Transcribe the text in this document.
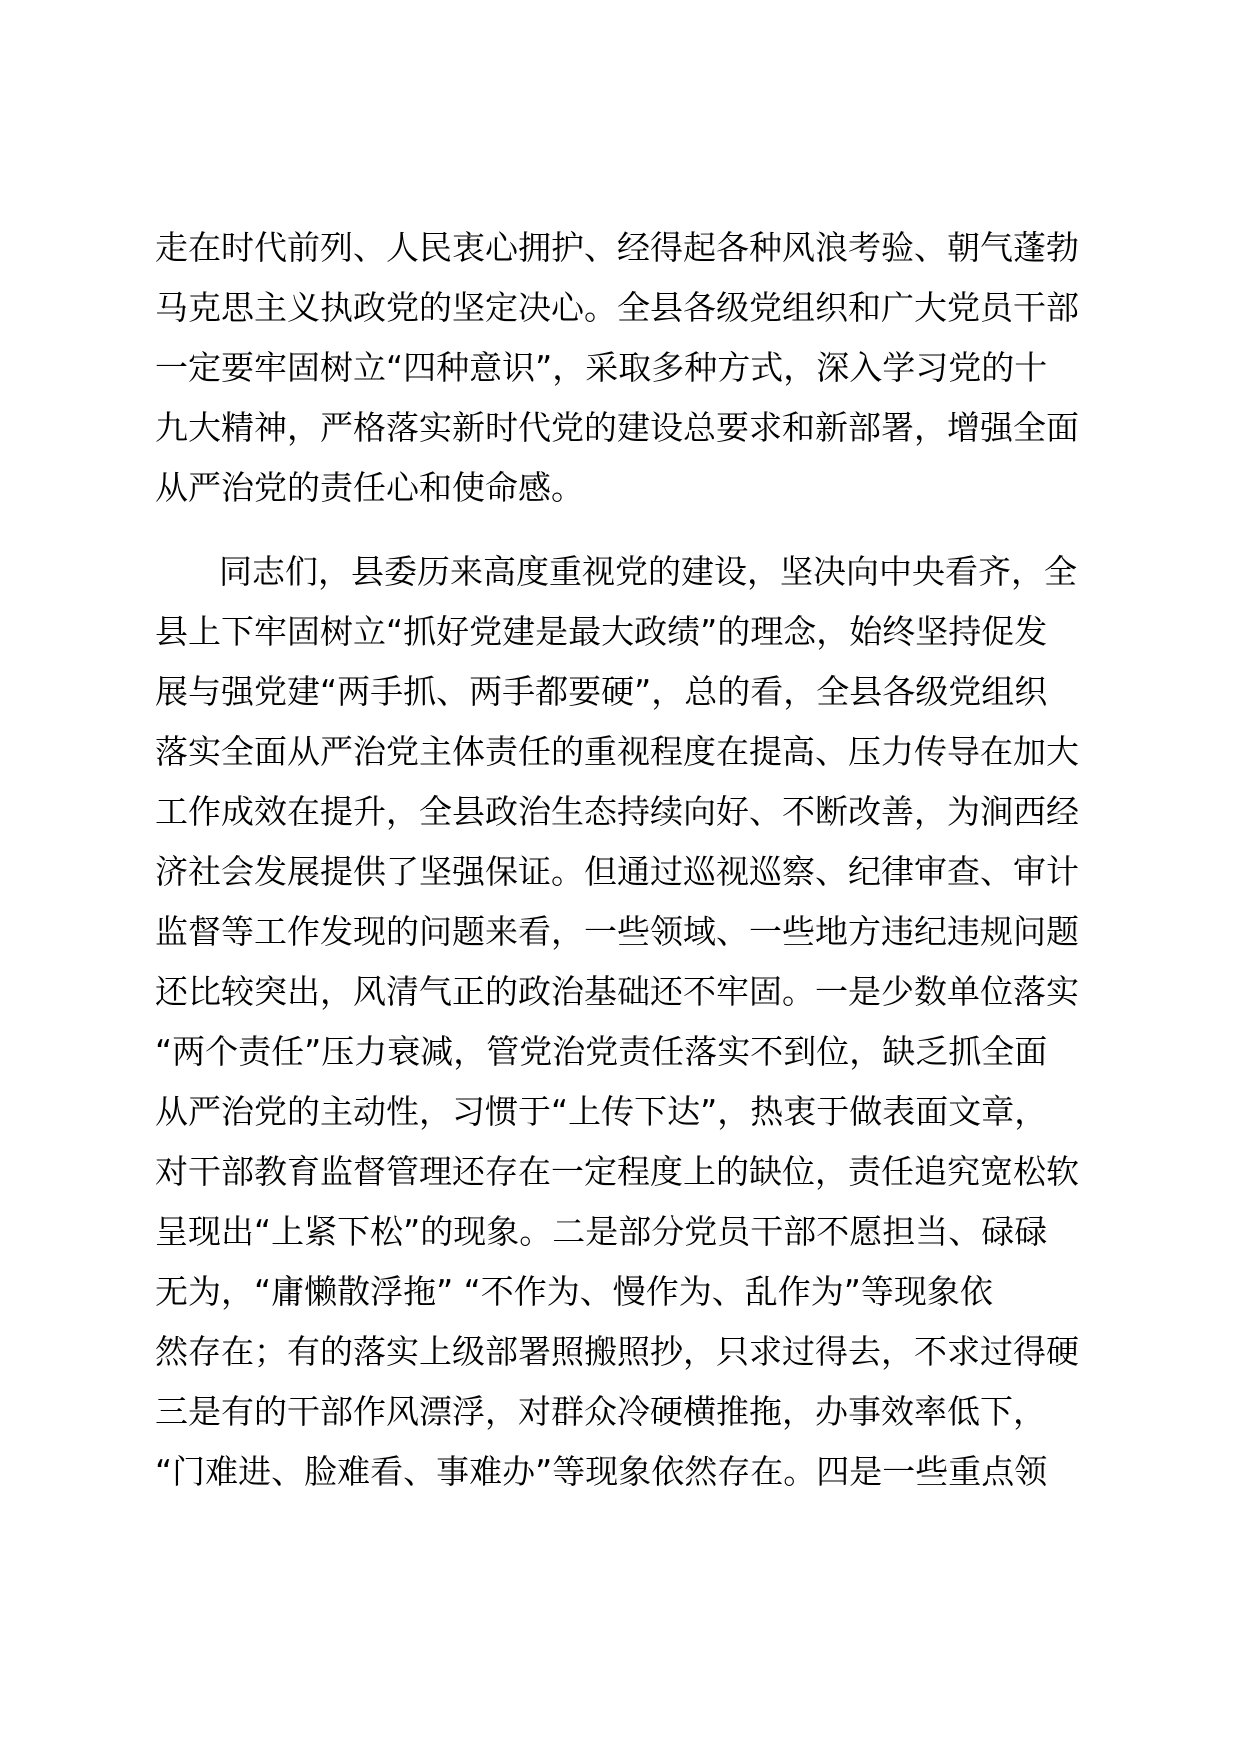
走在时代前列、人民衷心拥护、经得起各种风浪考验、朝气蓬勃
马克思主义执政党的坚定决心。全县各级党组织和广大党员干部
一定要牢固树立“四种意识”，采取多种方式，深入学习党的十
九大精神，严格落实新时代党的建设总要求和新部署，增强全面
从严治党的责任心和使命感。
同志们，县委历来高度重视党的建设，坚决向中央看齐，全
县上下牢固树立“抓好党建是最大政绩”的理念，始终坚持促发
展与强党建“两手抓、两手都要硬”，总的看，全县各级党组织
落实全面从严治党主体责任的重视程度在提高、压力传导在加大
工作成效在提升，全县政治生态持续向好、不断改善，为涧西经
济社会发展提供了坚强保证。但通过巡视巡察、纪律审查、审计
监督等工作发现的问题来看，一些领域、一些地方违纪违规问题
还比较突出，风清气正的政治基础还不牢固。一是少数单位落实
“两个责任”压力衰减，管党治党责任落实不到位，缺乏抓全面
从严治党的主动性，习惯于“上传下达”，热衷于做表面文章，
对干部教育监督管理还存在一定程度上的缺位，责任追究宽松软
呈现出“上紧下松”的现象。二是部分党员干部不愿担当、碌碌
无为，“庸懒散浮拖” “不作为、慢作为、乱作为”等现象依
然存在；有的落实上级部署照搬照抄，只求过得去，不求过得硬
三是有的干部作风漂浮，对群众冷硬横推拖，办事效率低下，
“门难进、脸难看、事难办”等现象依然存在。四是一些重点领
